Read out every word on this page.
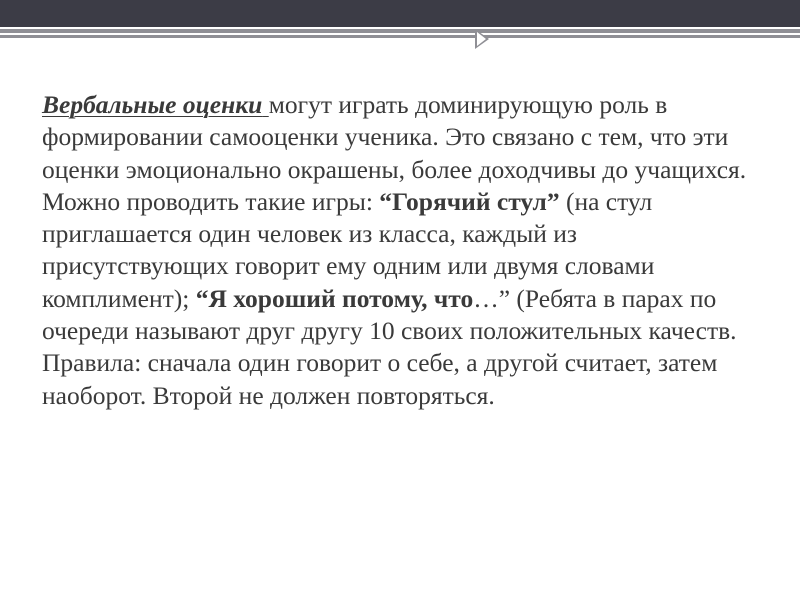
Вербальные оценки могут играть доминирующую роль в формировании самооценки ученика. Это связано с тем, что эти оценки эмоционально окрашены, более доходчивы до учащихся. Можно проводить такие игры: “Горячий стул” (на стул приглашается один человек из класса, каждый из присутствующих говорит ему одним или двумя словами комплимент); “Я хороший потому, что…” (Ребята в парах по очереди называют друг другу 10 своих положительных качеств. Правила: сначала один говорит о себе, а другой считает, затем наоборот. Второй не должен повторяться.
